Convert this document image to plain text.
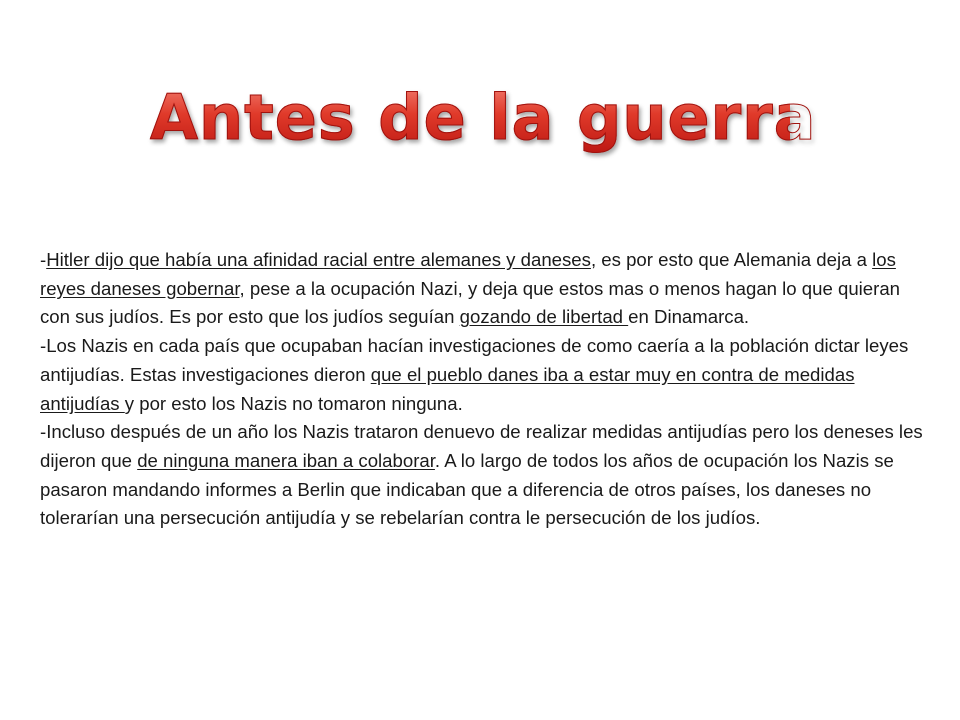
Antes de la guerra

-Hitler dijo que había una afinidad racial entre alemanes y daneses, es por esto que Alemania deja a los reyes daneses gobernar, pese a la ocupación Nazi, y deja que estos mas o menos hagan lo que quieran con sus judíos. Es por esto que los judíos seguían gozando de libertad en Dinamarca.

-Los Nazis en cada país que ocupaban hacían investigaciones de como caería a la población dictar leyes antijudías. Estas investigaciones dieron que el pueblo danes iba a estar muy en contra de medidas antijudías y por esto los Nazis no tomaron ninguna.

-Incluso después de un año los Nazis trataron denuevo de realizar medidas antijudías pero los deneses les dijeron que de ninguna manera iban a colaborar. A lo largo de todos los años de ocupación los Nazis se pasaron mandando informes a Berlin que indicaban que a diferencia de otros países, los daneses no tolerarían una persecución antijudía y se rebelarían contra le persecución de los judíos.
